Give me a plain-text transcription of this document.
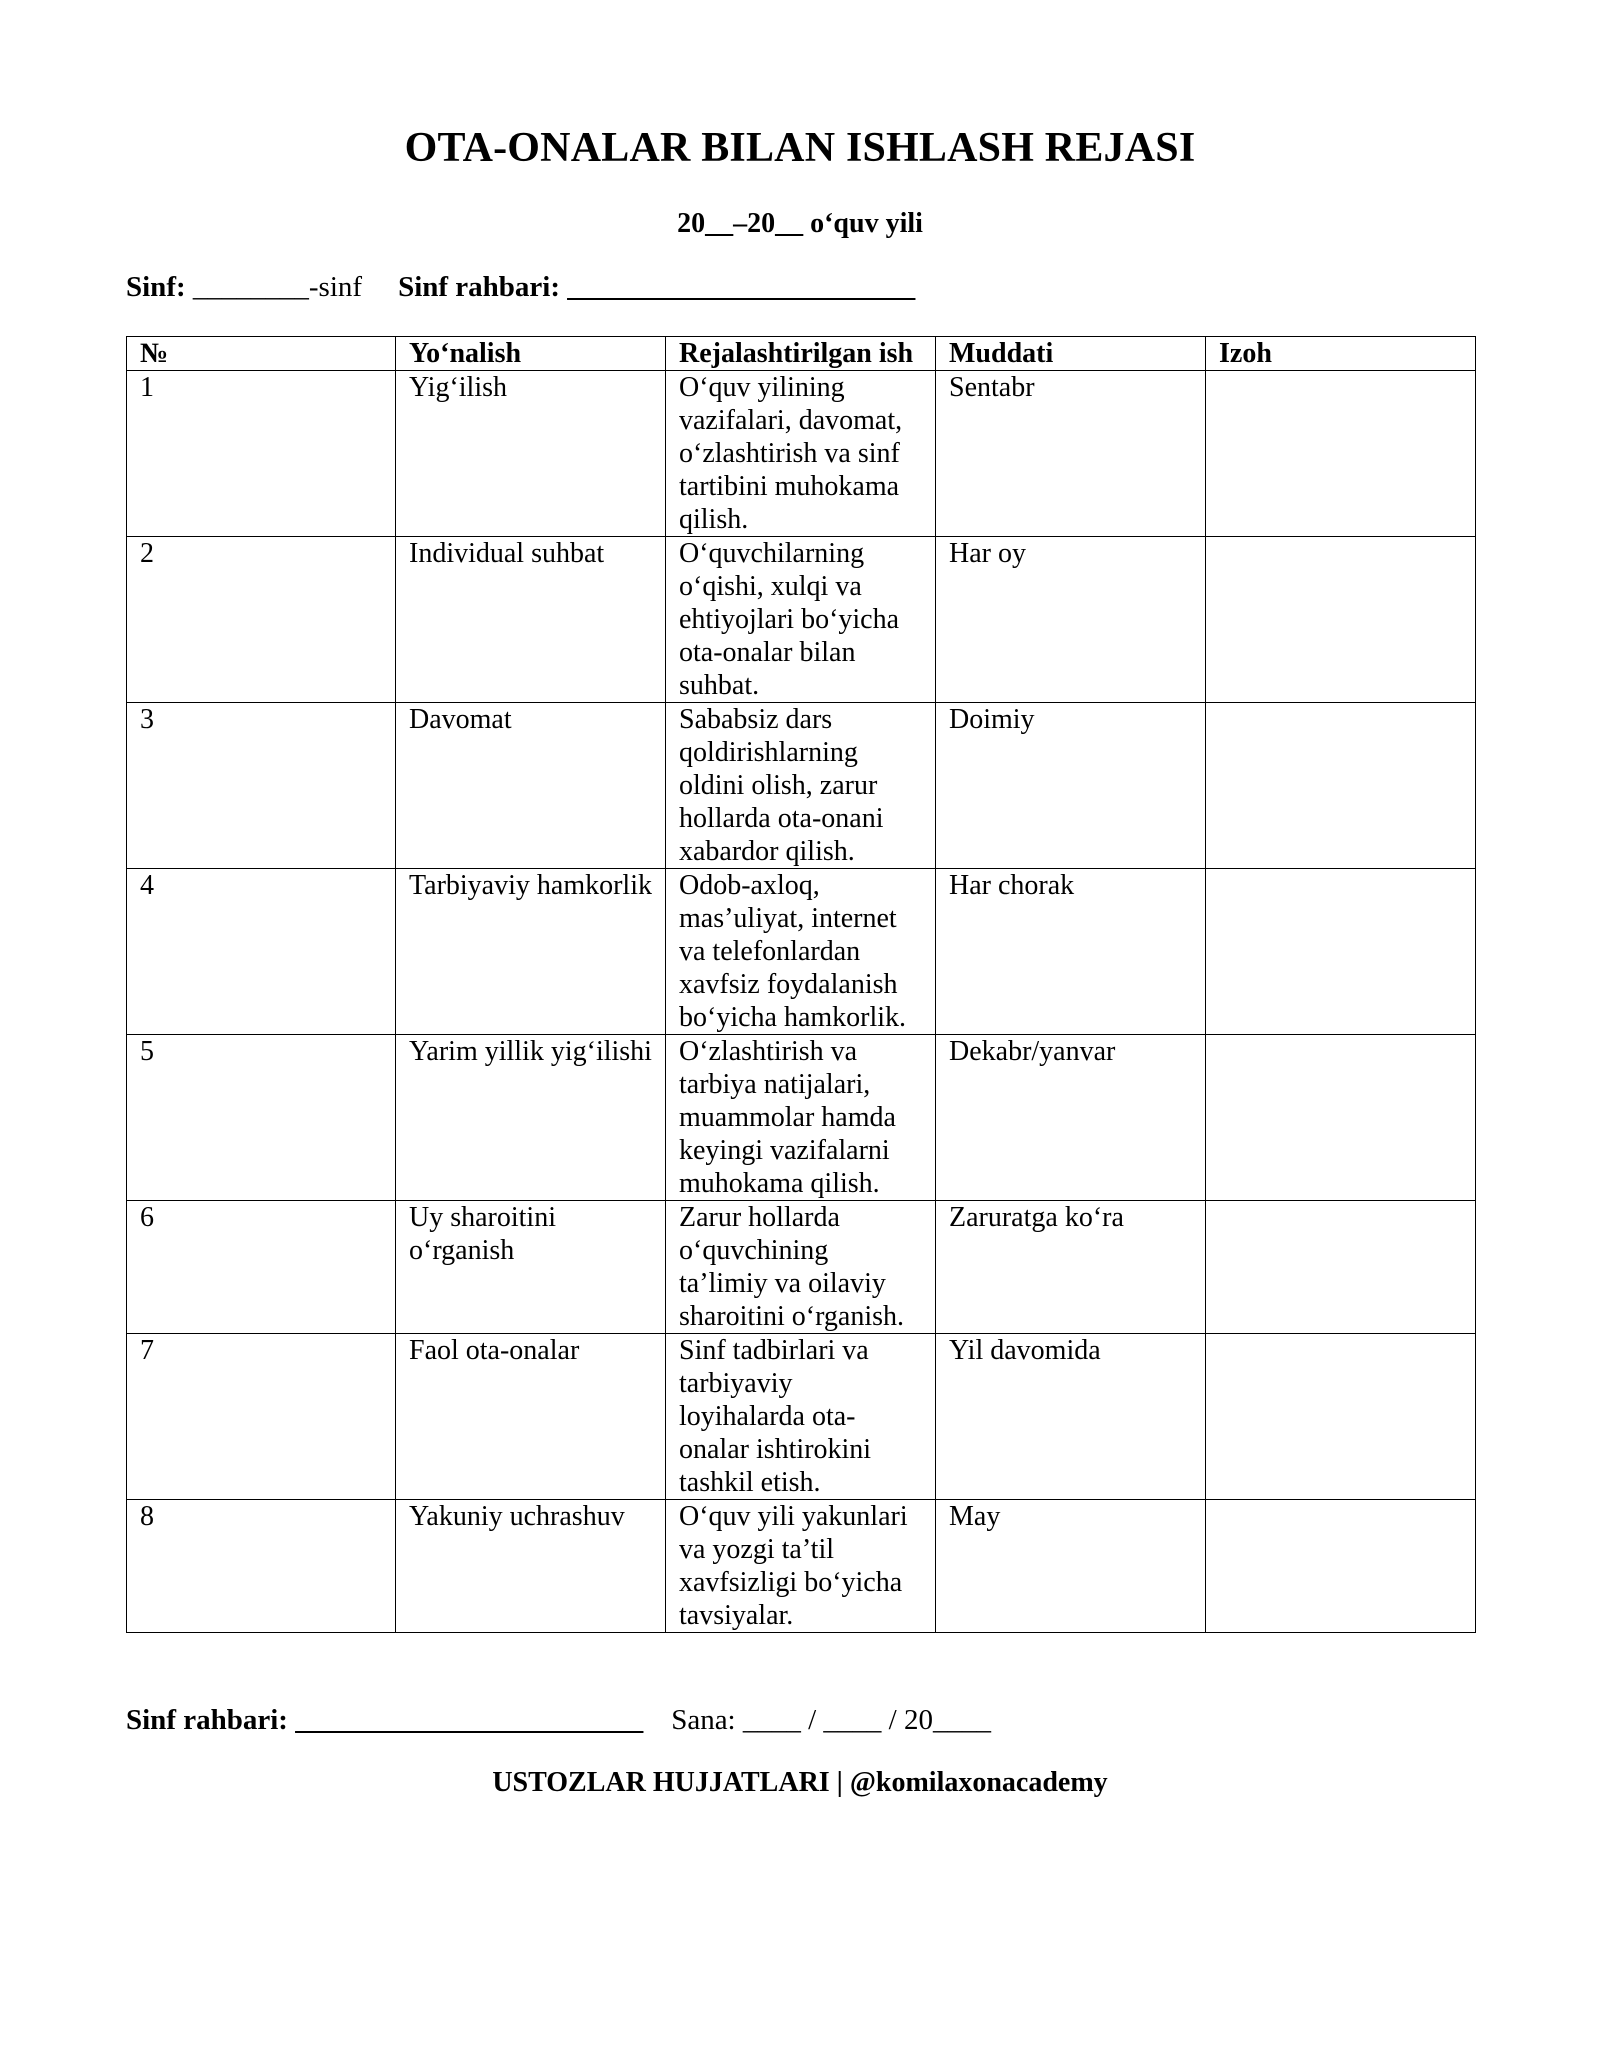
OTA-ONALAR BILAN ISHLASH REJASI
20__–20__ o‘quv yili
Sinf: ________-sinf Sinf rahbari: ________________________
№	Yo‘nalish	Rejalashtirilgan ish	Muddati	Izoh
1	Yig‘ilish	O‘quv yilining vazifalari, davomat, o‘zlashtirish va sinf tartibini muhokama qilish.	Sentabr	
2	Individual suhbat	O‘quvchilarning o‘qishi, xulqi va ehtiyojlari bo‘yicha ota-onalar bilan suhbat.	Har oy	
3	Davomat	Sababsiz dars qoldirishlarning oldini olish, zarur hollarda ota-onani xabardor qilish.	Doimiy	
4	Tarbiyaviy hamkorlik	Odob-axloq, mas’uliyat, internet va telefonlardan xavfsiz foydalanish bo‘yicha hamkorlik.	Har chorak	
5	Yarim yillik yig‘ilishi	O‘zlashtirish va tarbiya natijalari, muammolar hamda keyingi vazifalarni muhokama qilish.	Dekabr/yanvar	
6	Uy sharoitini o‘rganish	Zarur hollarda o‘quvchining ta’limiy va oilaviy sharoitini o‘rganish.	Zaruratga ko‘ra	
7	Faol ota-onalar	Sinf tadbirlari va tarbiyaviy loyihalarda ota-onalar ishtirokini tashkil etish.	Yil davomida	
8	Yakuniy uchrashuv	O‘quv yili yakunlari va yozgi ta’til xavfsizligi bo‘yicha tavsiyalar.	May	
Sinf rahbari: ________________________ Sana: ____ / ____ / 20____
USTOZLAR HUJJATLARI | @komilaxonacademy
